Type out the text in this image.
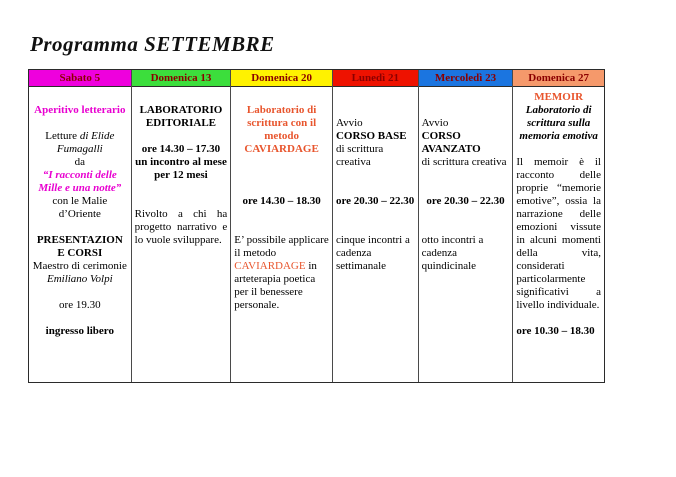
Programma SETTEMBRE
Sabato 5

Aperitivo letterario

Letture di Elide Fumagalli

da

“I racconti delle Mille e una notte”

con le Malie d’Oriente

PRESENTAZION E CORSI

Maestro di cerimonie

Emiliano Volpi

ore 19.30

ingresso libero

Domenica 13

LABORATORIO EDITORIALE

ore 14.30 – 17.30

un incontro al mese

per 12 mesi

Rivolto a chi ha progetto narrativo e lo vuole sviluppare.

Domenica 20

Laboratorio di scrittura con il metodo CAVIARDAGE

ore 14.30 – 18.30

E’ possibile applicare il metodo CAVIARDAGE in arteterapia poetica per il benessere personale.

Lunedì 21

Avvio

CORSO BASE

di scrittura creativa

ore 20.30 – 22.30

cinque incontri a cadenza settimanale

Mercoledì 23

Avvio

CORSO AVANZATO

di scrittura creativa

ore 20.30 – 22.30

otto incontri a cadenza quindicinale

Domenica 27

MEMOIR

Laboratorio di scrittura sulla memoria emotiva

Il memoir è il racconto delle proprie “memorie emotive”, ossia la narrazione delle emozioni vissute in alcuni momenti della vita, considerati particolarmente significativi a livello individuale.

ore 10.30 – 18.30
